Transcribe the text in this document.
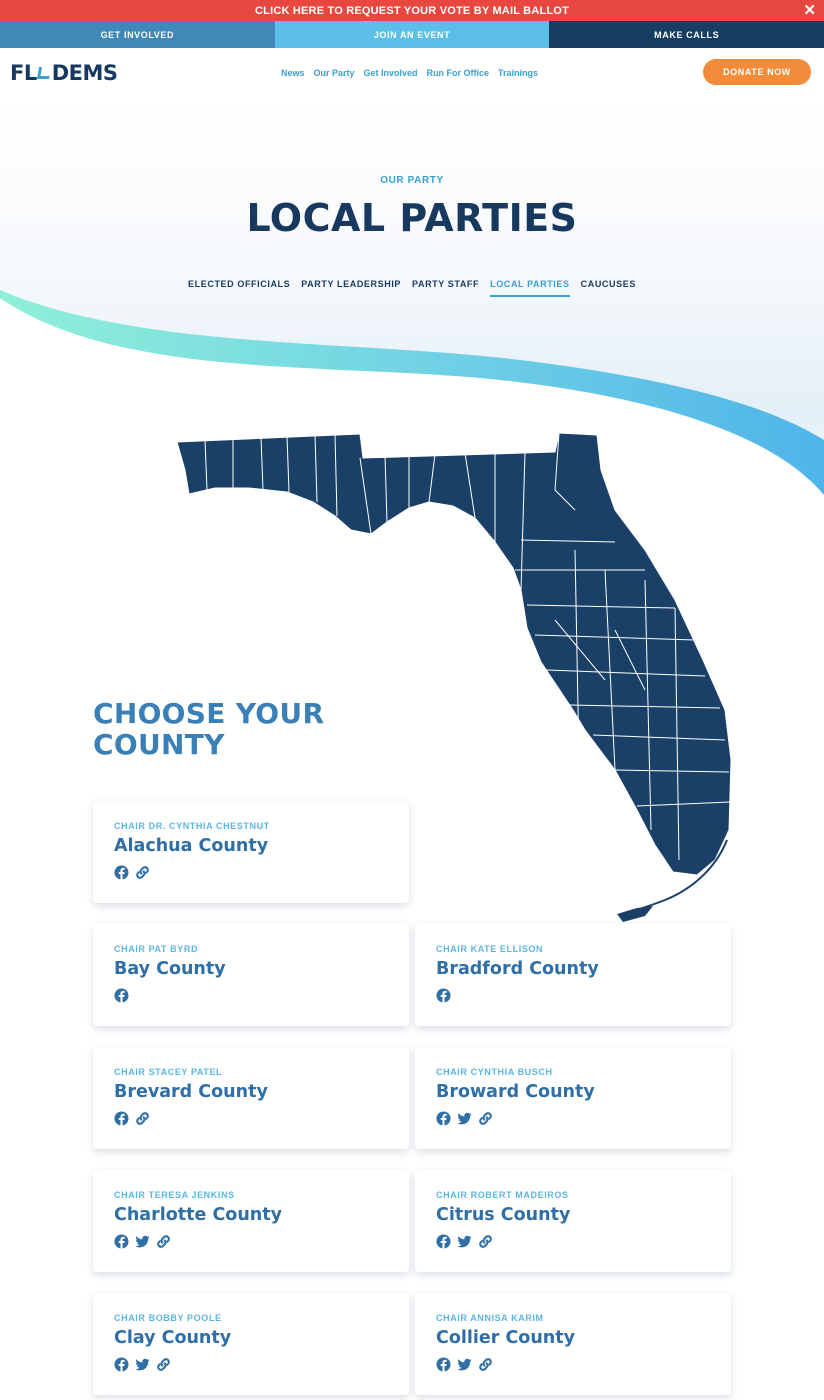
CLICK HERE TO REQUEST YOUR VOTE BY MAIL BALLOT	✕
GET INVOLVED	JOIN AN EVENT	MAKE CALLS
FL DEMS	News Our Party Get Involved Run For Office Trainings	DONATE NOW
OUR PARTY
LOCAL PARTIES
ELECTED OFFICIALS PARTY LEADERSHIP PARTY STAFF LOCAL PARTIES CAUCUSES
CHOOSE YOUR
COUNTY
CHAIR DR. CYNTHIA CHESTNUT
Alachua County
CHAIR PAT BYRD
Bay County
CHAIR KATE ELLISON
Bradford County
CHAIR STACEY PATEL
Brevard County
CHAIR CYNTHIA BUSCH
Broward County
CHAIR TERESA JENKINS
Charlotte County
CHAIR ROBERT MADEIROS
Citrus County
CHAIR BOBBY POOLE
Clay County
CHAIR ANNISA KARIM
Collier County
